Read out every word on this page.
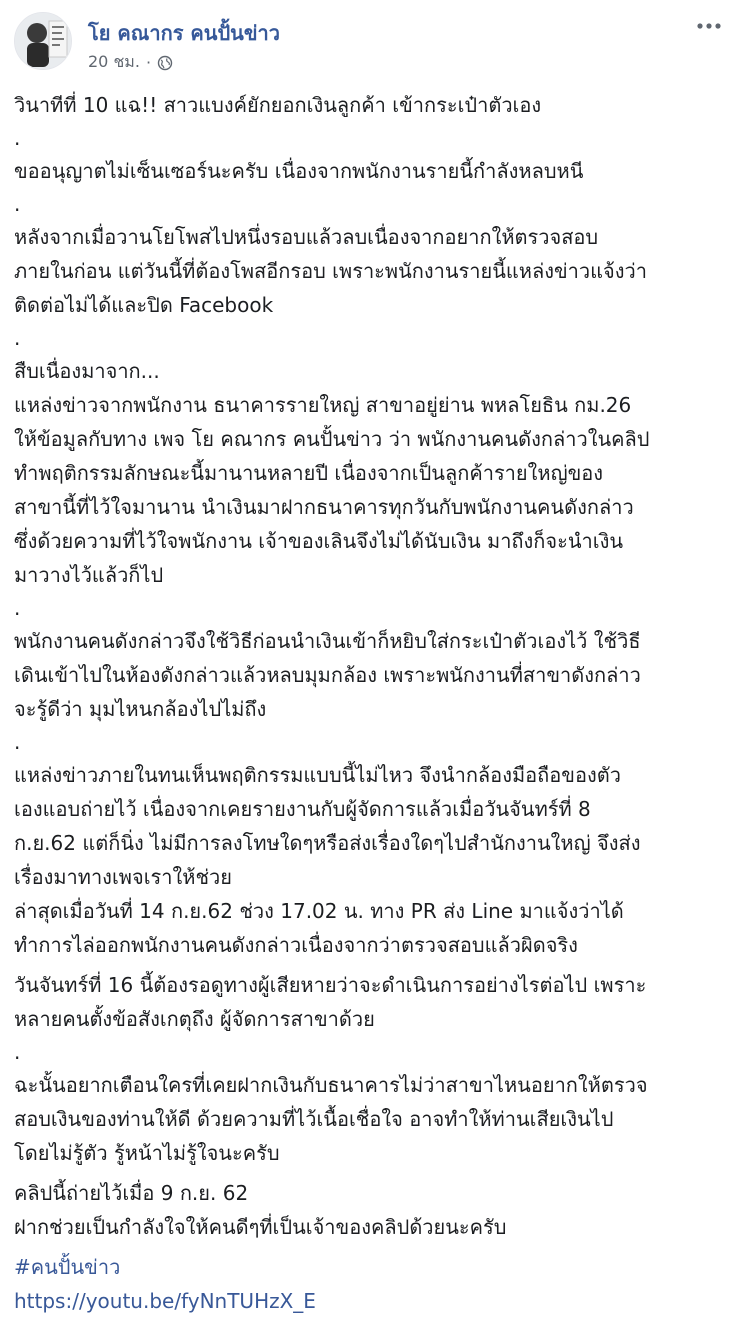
โย คณากร คนปั้นข่าว
20 ชม. ·

วินาทีที่ 10 แฉ!! สาวแบงค์ยักยอกเงินลูกค้า เข้ากระเป๋าตัวเอง

.

ขออนุญาตไม่เซ็นเซอร์นะครับ เนื่องจากพนักงานรายนี้กำลังหลบหนี

.

หลังจากเมื่อวานโยโพสไปหนึ่งรอบแล้วลบเนื่องจากอยากให้ตรวจสอบ
ภายในก่อน แต่วันนี้ที่ต้องโพสอีกรอบ เพราะพนักงานรายนี้แหล่งข่าวแจ้งว่า
ติดต่อไม่ได้และปิด Facebook

.

สืบเนื่องมาจาก...

แหล่งข่าวจากพนักงาน ธนาคารรายใหญ่ สาขาอยู่ย่าน พหลโยธิน กม.26
ให้ข้อมูลกับทาง เพจ โย คณากร คนปั้นข่าว ว่า พนักงานคนดังกล่าวในคลิป
ทำพฤติกรรมลักษณะนี้มานานหลายปี เนื่องจากเป็นลูกค้ารายใหญ่ของ
สาขานี้ที่ไว้ใจมานาน นำเงินมาฝากธนาคารทุกวันกับพนักงานคนดังกล่าว
ซึ่งด้วยความที่ไว้ใจพนักงาน เจ้าของเลินจึงไม่ได้นับเงิน มาถึงก็จะนำเงิน
มาวางไว้แล้วก็ไป

.

พนักงานคนดังกล่าวจึงใช้วิธีก่อนนำเงินเข้าก็หยิบใส่กระเป๋าตัวเองไว้ ใช้วิธี
เดินเข้าไปในห้องดังกล่าวแล้วหลบมุมกล้อง เพราะพนักงานที่สาขาดังกล่าว
จะรู้ดีว่า มุมไหนกล้องไปไม่ถึง

.

แหล่งข่าวภายในทนเห็นพฤติกรรมแบบนี้ไม่ไหว จึงนำกล้องมือถือของตัว
เองแอบถ่ายไว้ เนื่องจากเคยรายงานกับผู้จัดการแล้วเมื่อวันจันทร์ที่ 8
ก.ย.62 แต่ก็นิ่ง ไม่มีการลงโทษใดๆหรือส่งเรื่องใดๆไปสำนักงานใหญ่ จึงส่ง
เรื่องมาทางเพจเราให้ช่วย

ล่าสุดเมื่อวันที่ 14 ก.ย.62 ช่วง 17.02 น. ทาง PR ส่ง Line มาแจ้งว่าได้
ทำการไล่ออกพนักงานคนดังกล่าวเนื่องจากว่าตรวจสอบแล้วผิดจริง

วันจันทร์ที่ 16 นี้ต้องรอดูทางผู้เสียหายว่าจะดำเนินการอย่างไรต่อไป เพราะ
หลายคนตั้งข้อสังเกตุถึง ผู้จัดการสาขาด้วย

.

ฉะนั้นอยากเตือนใครที่เคยฝากเงินกับธนาคารไม่ว่าสาขาไหนอยากให้ตรวจ
สอบเงินของท่านให้ดี ด้วยความที่ไว้เนื้อเชื่อใจ อาจทำให้ท่านเสียเงินไป
โดยไม่รู้ตัว รู้หน้าไม่รู้ใจนะครับ

คลิปนี้ถ่ายไว้เมื่อ 9 ก.ย. 62
ฝากช่วยเป็นกำลังใจให้คนดีๆที่เป็นเจ้าของคลิปด้วยนะครับ

#คนปั้นข่าว

https://youtu.be/fyNnTUHzX_E
